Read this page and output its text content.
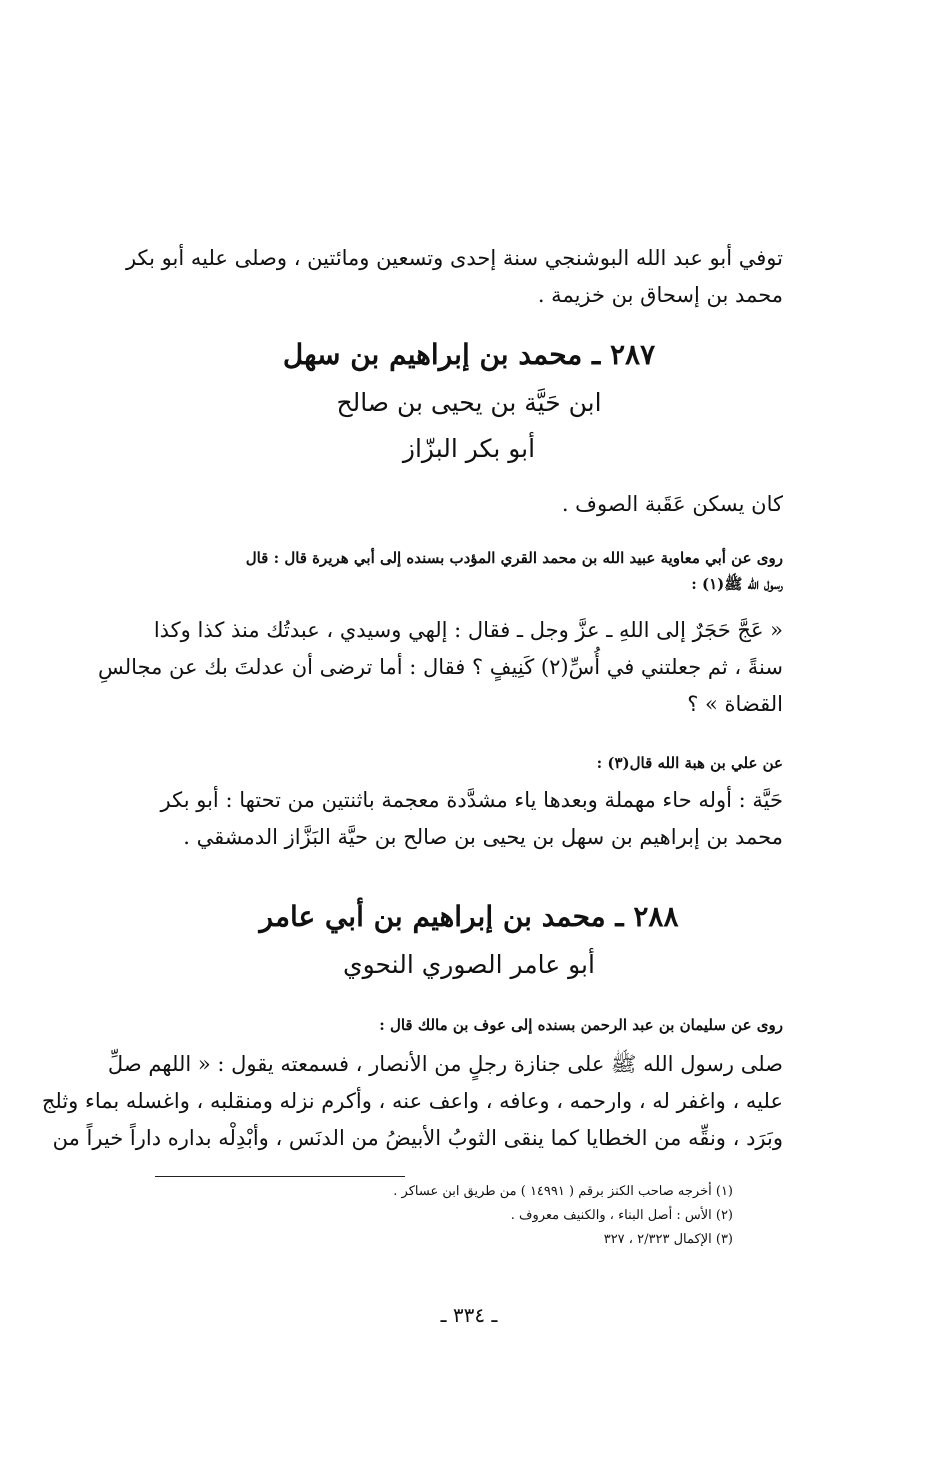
توفي أبو عبد الله البوشنجي سنة إحدى وتسعين ومائتين ، وصلى عليه أبو بكر
محمد بن إسحاق بن خزيمة .
٢٨٧ ـ محمد بن إبراهيم بن سهل
ابن حَيَّة بن يحيى بن صالح
أبو بكر البزّاز
كان يسكن عَقَبة الصوف .
روى عن أبي معاوية عبيد الله بن محمد القري المؤدب بسنده إلى أبي هريرة قال : قال
رسول الله ﷺ(١) :
« عَجَّ حَجَرٌ إلى اللهِ ـ عزَّ وجل ـ فقال : إلهي وسيدي ، عبدتُك منذ كذا وكذا
سنةً ، ثم جعلتني في أُسِّ(٢) كَنِيفٍ ؟ فقال : أما ترضى أن عدلتَ بك عن مجالسِ
القضاة » ؟
عن علي بن هبة الله قال(٣) :
حَيَّة : أوله حاء مهملة وبعدها ياء مشدَّدة معجمة باثنتين من تحتها : أبو بكر
محمد بن إبراهيم بن سهل بن يحيى بن صالح بن حيَّة البَزَّاز الدمشقي .
٢٨٨ ـ محمد بن إبراهيم بن أبي عامر
أبو عامر الصوري النحوي
روى عن سليمان بن عبد الرحمن بسنده إلى عوف بن مالك قال :
صلى رسول الله ﷺ على جنازة رجلٍ من الأنصار ، فسمعته يقول : « اللهم صلِّ
عليه ، واغفر له ، وارحمه ، وعافه ، واعف عنه ، وأكرم نزله ومنقلبه ، واغسله بماء وثلج
وبَرَد ، ونقِّه من الخطايا كما ينقى الثوبُ الأبيضُ من الدنَس ، وأبْدِلْه بداره داراً خيراً من
(١) أخرجه صاحب الكنز برقم ( ١٤٩٩١ ) من طريق ابن عساكر .
(٢) الأس : أصل البناء ، والكنيف معروف .
(٣) الإكمال ٢/٣٢٣ ، ٣٢٧
ـ ٣٣٤ ـ
